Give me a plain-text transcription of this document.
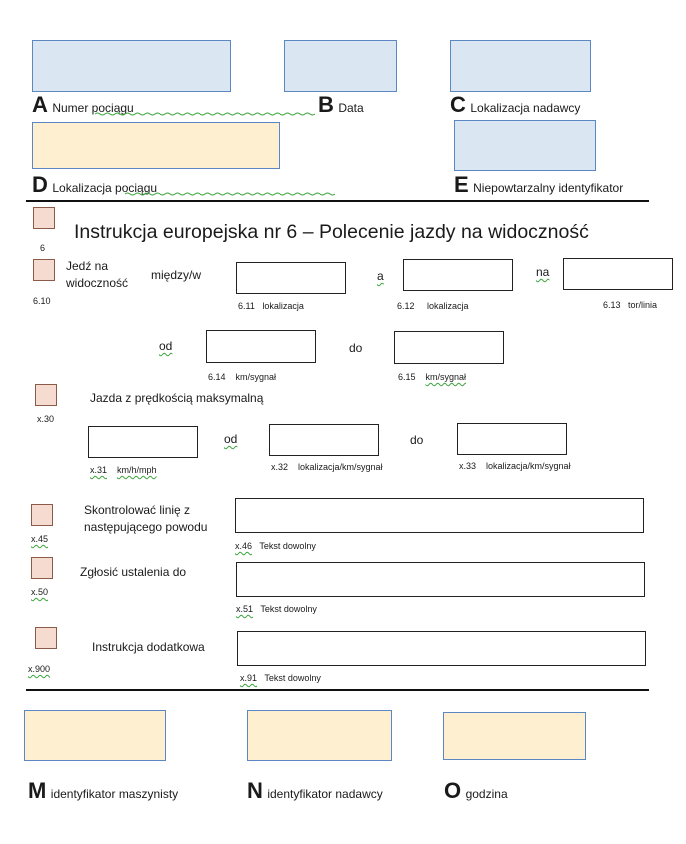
A Numer pociągu	B Data	C Lokalizacja nadawcy
D Lokalizacja pociągu	E Niepowtarzalny identyfikator
6
Instrukcja europejska nr 6 – Polecenie jazdy na widoczność
6.10
Jedź na
widoczność
między/w	a	na
6.11 lokalizacja	6.12 lokalizacja	6.13 tor/linia
od	do
6.14 km/sygnał	6.15 km/sygnał
x.30
Jazda z prędkością maksymalną
od	do
x.31 km/h/mph	x.32 lokalizacja/km/sygnał	x.33 lokalizacja/km/sygnał
x.45
Skontrolować linię z
następującego powodu
x.46 Tekst dowolny
x.50
Zgłosić ustalenia do
x.51 Tekst dowolny
x.900
Instrukcja dodatkowa
x.91 Tekst dowolny
M identyfikator maszynisty	N identyfikator nadawcy	O godzina
